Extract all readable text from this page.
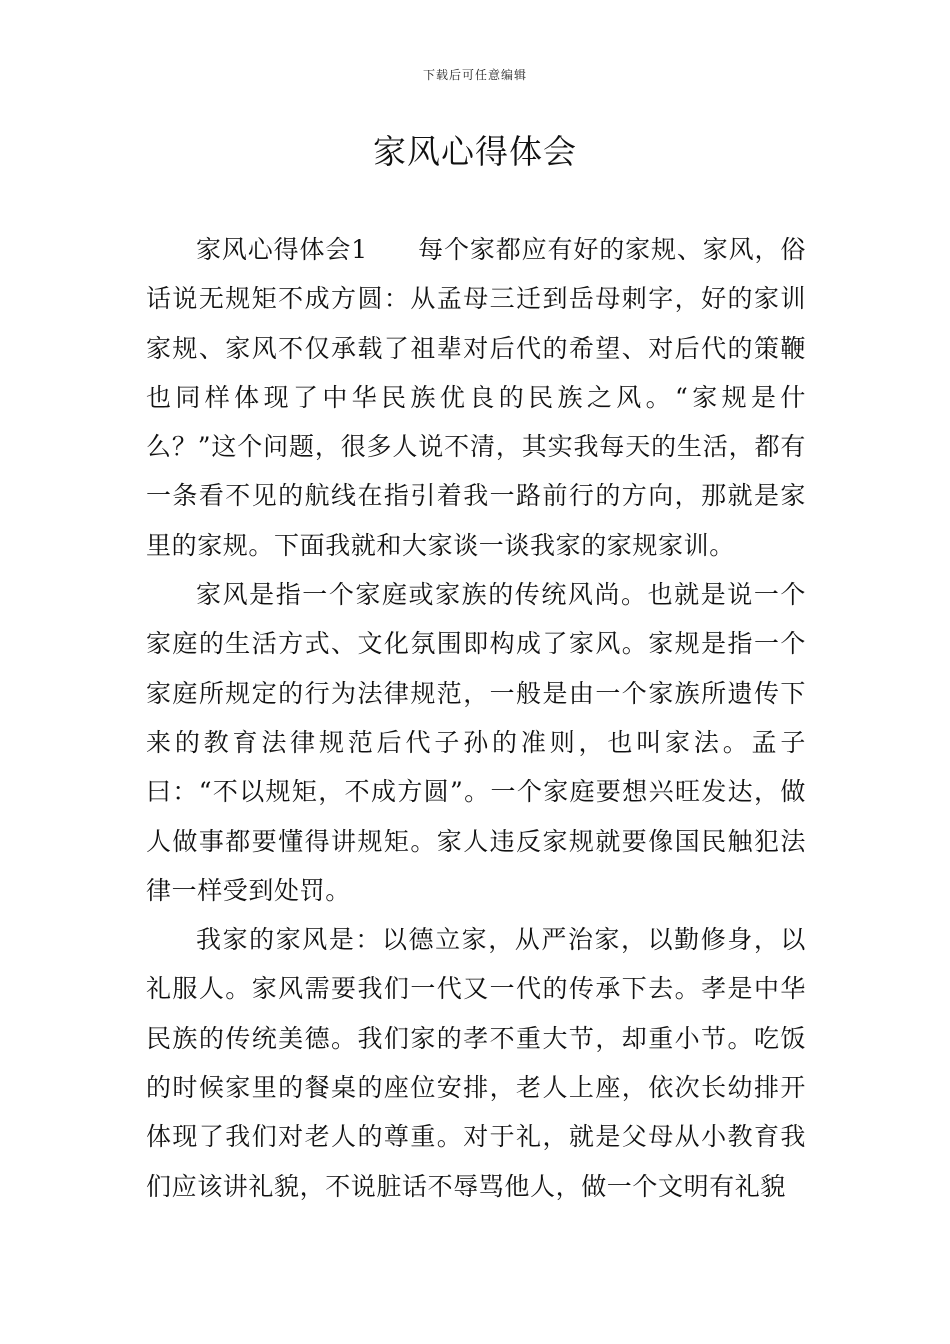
下载后可任意编辑
家风心得体会

家风心得体会1 每个家都应有好的家规、家风，俗话说无规矩不成方圆：从孟母三迁到岳母刺字，好的家训家规、家风不仅承载了祖辈对后代的希望、对后代的策鞭也同样体现了中华民族优良的民族之风。“家规是什么？”这个问题，很多人说不清，其实我每天的生活，都有一条看不见的航线在指引着我一路前行的方向，那就是家里的家规。下面我就和大家谈一谈我家的家规家训。

家风是指一个家庭或家族的传统风尚。也就是说一个家庭的生活方式、文化氛围即构成了家风。家规是指一个家庭所规定的行为法律规范，一般是由一个家族所遗传下来的教育法律规范后代子孙的准则，也叫家法。孟子曰：“不以规矩，不成方圆”。一个家庭要想兴旺发达，做人做事都要懂得讲规矩。家人违反家规就要像国民触犯法律一样受到处罚。

我家的家风是：以德立家，从严治家，以勤修身，以礼服人。家风需要我们一代又一代的传承下去。孝是中华民族的传统美德。我们家的孝不重大节，却重小节。吃饭的时候家里的餐桌的座位安排，老人上座，依次长幼排开体现了我们对老人的尊重。对于礼，就是父母从小教育我们应该讲礼貌，不说脏话不辱骂他人，做一个文明有礼貌
